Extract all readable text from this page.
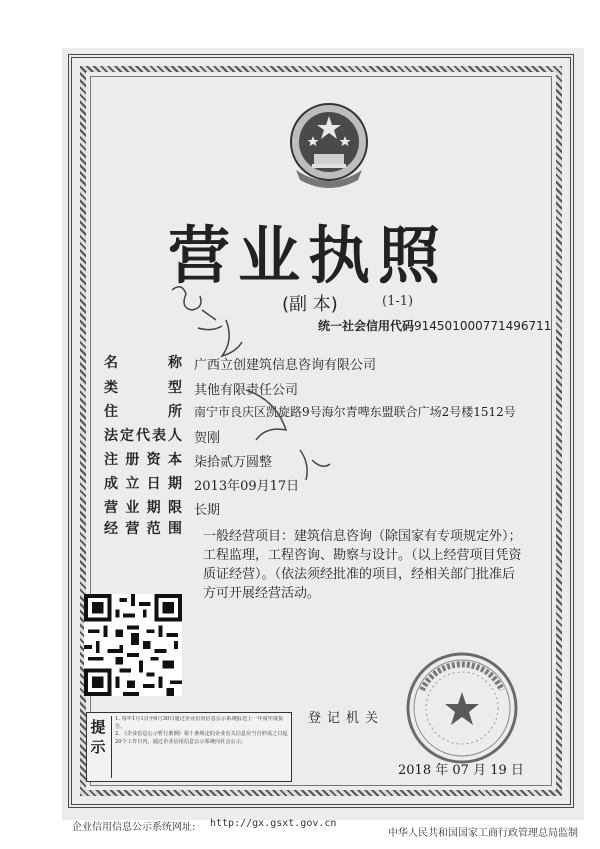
营业执照
(副 本)	(1-1)
统一社会信用代码914501000771496711
名称 广西立创建筑信息咨询有限公司
类型 其他有限责任公司
住所 南宁市良庆区凯旋路9号海尔青啤东盟联合广场2号楼1512号
法定代表人 贺刚
注册资本 柒拾贰万圆整
成立日期 2013年09月17日
营业期限 长期
经营范围 一般经营项目：建筑信息咨询（除国家有专项规定外）；
工程监理，工程咨询、勘察与设计。（以上经营项目凭资
质证经营）。（依法须经批准的项目，经相关部门批准后
方可开展经营活动。
提示
1. 每年1月1日至6月30日通过企业信用信息公示系统报送上一年度年度报告。
2. 《企业信息公示暂行条例》第十条规定的企业有关信息应当自形成之日起20个工作日内，通过企业信用信息公示系统向社会公示。
登记机关
2018 年 07 月 19 日
企业信用信息公示系统网址: http://gx.gsxt.gov.cn
中华人民共和国国家工商行政管理总局监制
